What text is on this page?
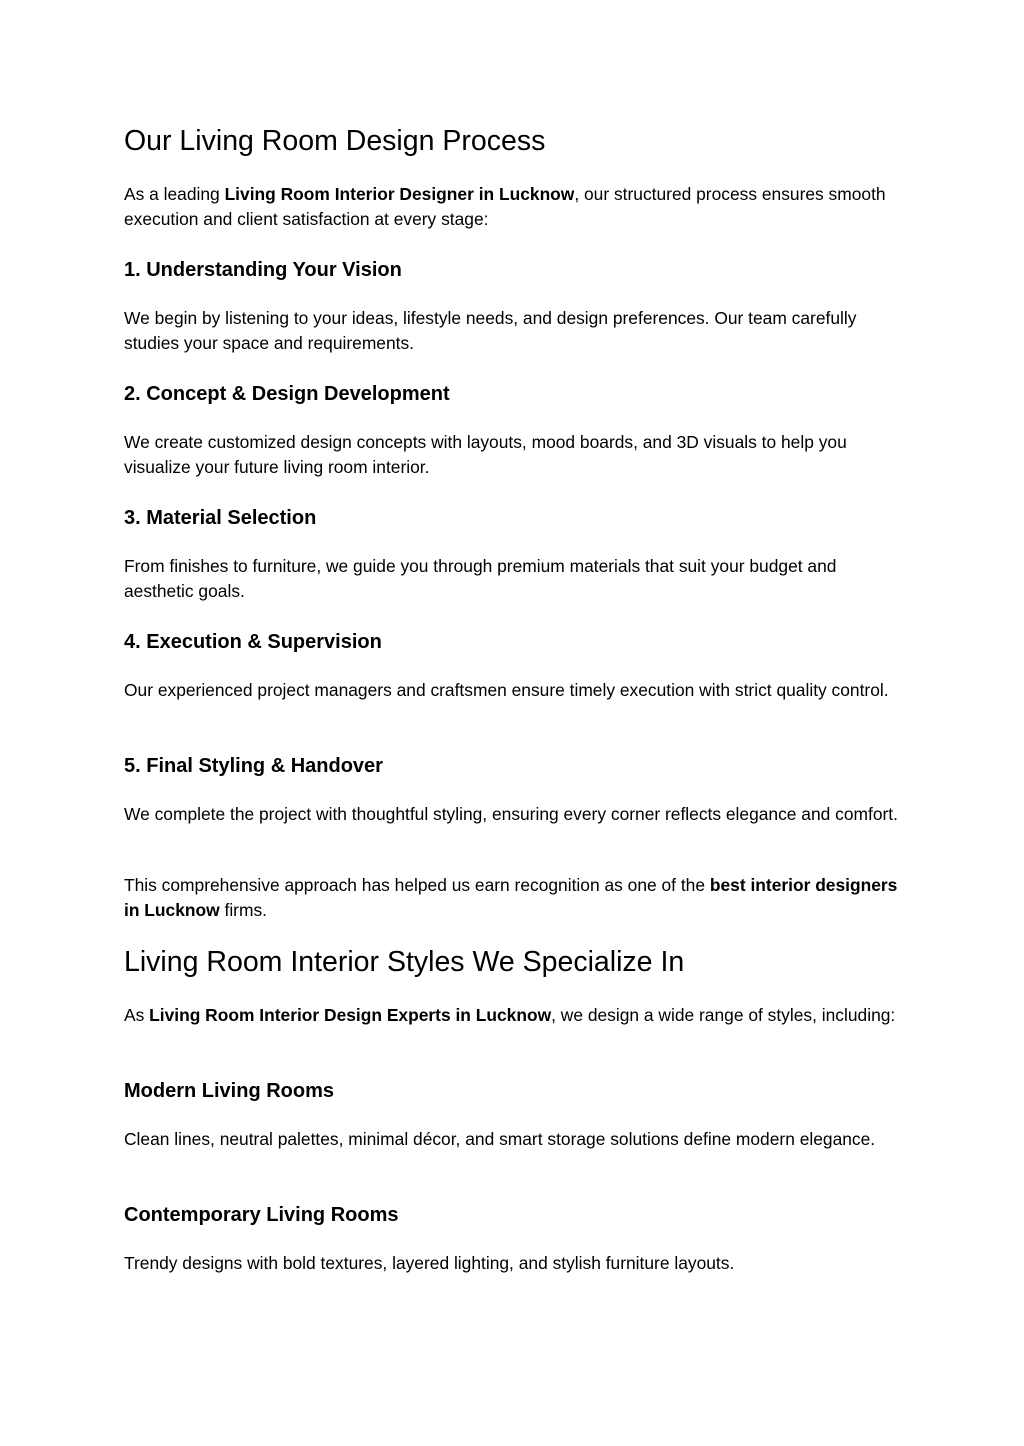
Our Living Room Design Process

As a leading Living Room Interior Designer in Lucknow, our structured process ensures smooth execution and client satisfaction at every stage:

1. Understanding Your Vision

We begin by listening to your ideas, lifestyle needs, and design preferences. Our team carefully studies your space and requirements.

2. Concept & Design Development

We create customized design concepts with layouts, mood boards, and 3D visuals to help you visualize your future living room interior.

3. Material Selection

From finishes to furniture, we guide you through premium materials that suit your budget and aesthetic goals.

4. Execution & Supervision

Our experienced project managers and craftsmen ensure timely execution with strict quality control.

5. Final Styling & Handover

We complete the project with thoughtful styling, ensuring every corner reflects elegance and comfort.

This comprehensive approach has helped us earn recognition as one of the best interior designers in Lucknow firms.

Living Room Interior Styles We Specialize In

As Living Room Interior Design Experts in Lucknow, we design a wide range of styles, including:

Modern Living Rooms

Clean lines, neutral palettes, minimal décor, and smart storage solutions define modern elegance.

Contemporary Living Rooms

Trendy designs with bold textures, layered lighting, and stylish furniture layouts.
